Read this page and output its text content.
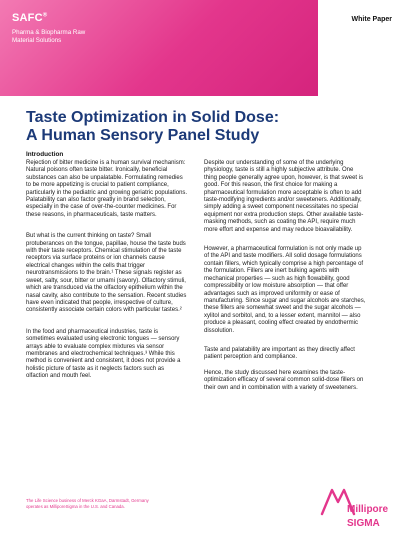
SAFC®
Pharma & Biopharma Raw
Material Solutions
White Paper
Taste Optimization in Solid Dose:
A Human Sensory Panel Study
Introduction

Rejection of bitter medicine is a human survival mechanism: Natural poisons often taste bitter. Ironically, beneficial substances can also be unpalatable. Formulating remedies to be more appetizing is crucial to patient compliance, particularly in the pediatric and growing geriatric populations. Palatability can also factor greatly in brand selection, especially in the case of over-the-counter medicines. For these reasons, in pharmaceuticals, taste matters.

But what is the current thinking on taste? Small protuberances on the tongue, papillae, house the taste buds with their taste receptors. Chemical stimulation of the taste receptors via surface proteins or ion channels cause electrical changes within the cells that trigger neurotransmissions to the brain.¹ These signals register as sweet, salty, sour, bitter or umami (savory). Olfactory stimuli, which are transduced via the olfactory epithelium within the nasal cavity, also contribute to the sensation. Recent studies have even indicated that people, irrespective of culture, consistently associate certain colors with particular tastes.²

In the food and pharmaceutical industries, taste is sometimes evaluated using electronic tongues — sensory arrays able to evaluate complex mixtures via sensor membranes and electrochemical techniques.³ While this method is convenient and consistent, it does not provide a holistic picture of taste as it neglects factors such as olfaction and mouth feel.

Despite our understanding of some of the underlying physiology, taste is still a highly subjective attribute. One thing people generally agree upon, however, is that sweet is good. For this reason, the first choice for making a pharmaceutical formulation more acceptable is often to add taste-modifying ingredients and/or sweeteners. Additionally, simply adding a sweet component necessitates no special equipment nor extra production steps. Other available taste-masking methods, such as coating the API, require much more effort and expense and may reduce bioavailability.

However, a pharmaceutical formulation is not only made up of the API and taste modifiers. All solid dosage formulations contain fillers, which typically comprise a high percentage of the formulation. Fillers are inert bulking agents with mechanical properties — such as high flowability, good compressibility or low moisture absorption — that offer advantages such as improved uniformity or ease of manufacturing. Since sugar and sugar alcohols are starches, these fillers are somewhat sweet and the sugar alcohols — xylitol and sorbitol, and, to a lesser extent, mannitol — also produce a pleasant, cooling effect created by endothermic dissolution.

Taste and palatability are important as they directly affect patient perception and compliance.

Hence, the study discussed here examines the taste-optimization efficacy of several common solid-dose fillers on their own and in combination with a variety of sweeteners.

The Life Science business of Merck KGaA, Darmstadt, Germany
operates as MilliporeSigma in the U.S. and Canada.	Millipore
SIGMA
